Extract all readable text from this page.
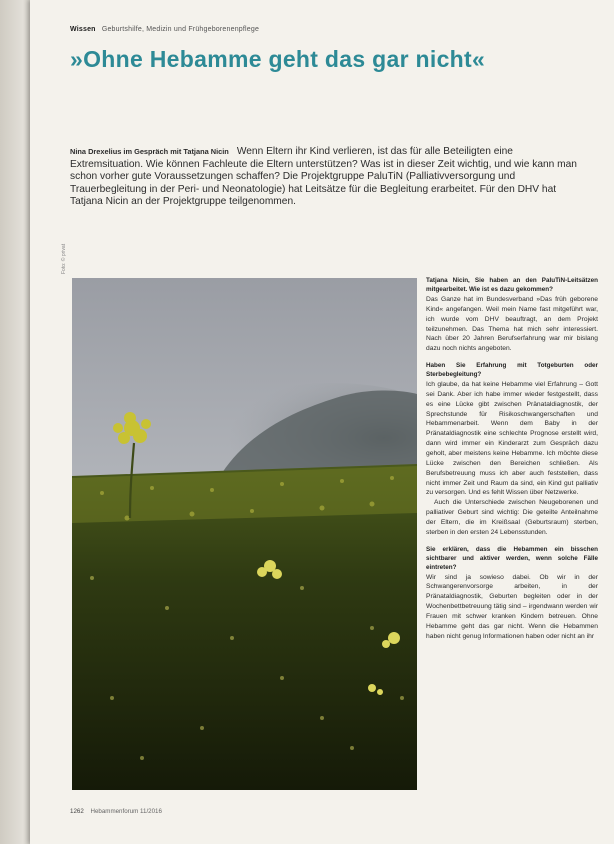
Wissen Geburtshilfe, Medizin und Frühgeborenenpflege
»Ohne Hebamme geht das gar nicht«
Nina Drexelius im Gespräch mit Tatjana Nicin Wenn Eltern ihr Kind verlieren, ist das für alle Beteiligten eine Extremsituation. Wie können Fachleute die Eltern unterstützen? Was ist in dieser Zeit wichtig, und wie kann man schon vorher gute Voraussetzungen schaffen? Die Projektgruppe PaluTiN (Palliativversorgung und Trauerbegleitung in der Peri- und Neonatologie) hat Leitsätze für die Begleitung erarbeitet. Für den DHV hat Tatjana Nicin an der Projektgruppe teilgenommen.
Foto: © privat
Tatjana Nicin, Sie haben an den PaluTiN-Leitsätzen mitgearbeitet. Wie ist es dazu gekommen?

Das Ganze hat im Bundesverband »Das früh geborene Kind« angefangen. Weil mein Name fast mitgeführt war, ich wurde vom DHV beauftragt, an dem Projekt teilzunehmen. Das Thema hat mich sehr interessiert. Nach über 20 Jahren Berufserfahrung war mir bislang dazu noch nichts angeboten.

Haben Sie Erfahrung mit Totgeburten oder Sterbebegleitung?

Ich glaube, da hat keine Hebamme viel Erfahrung – Gott sei Dank. Aber ich habe immer wieder festgestellt, dass es eine Lücke gibt zwischen Pränataldiagnostik, der Sprechstunde für Risikoschwangerschaften und Hebammenarbeit. Wenn dem Baby in der Pränataldiagnostik eine schlechte Prognose erstellt wird, dann wird immer ein Kinderarzt zum Gespräch dazu geholt, aber meistens keine Hebamme. Ich möchte diese Lücke zwischen den Bereichen schließen. Als Berufsbetreuung muss ich aber auch feststellen, dass nicht immer Zeit und Raum da sind, ein Kind gut palliativ zu versorgen. Und es fehlt Wissen über Netzwerke.

Auch die Unterschiede zwischen Neugeborenen und palliativer Geburt sind wichtig: Die geteilte Anteilnahme der Eltern, die im Kreißsaal (Geburtsraum) sterben, sterben in den ersten 24 Lebensstunden.

Sie erklären, dass die Hebammen ein bisschen sichtbarer und aktiver werden, wenn solche Fälle eintreten?

Wir sind ja sowieso dabei. Ob wir in der Schwangerenvorsorge arbeiten, in der Pränataldiagnostik, Geburten begleiten oder in der Wochenbettbetreuung tätig sind – irgendwann werden wir Frauen mit schwer kranken Kindern betreuen. Ohne Hebamme geht das gar nicht. Wenn die Hebammen haben nicht genug Informationen haben oder nicht an ihr

1262 Hebammenforum 11/2016
